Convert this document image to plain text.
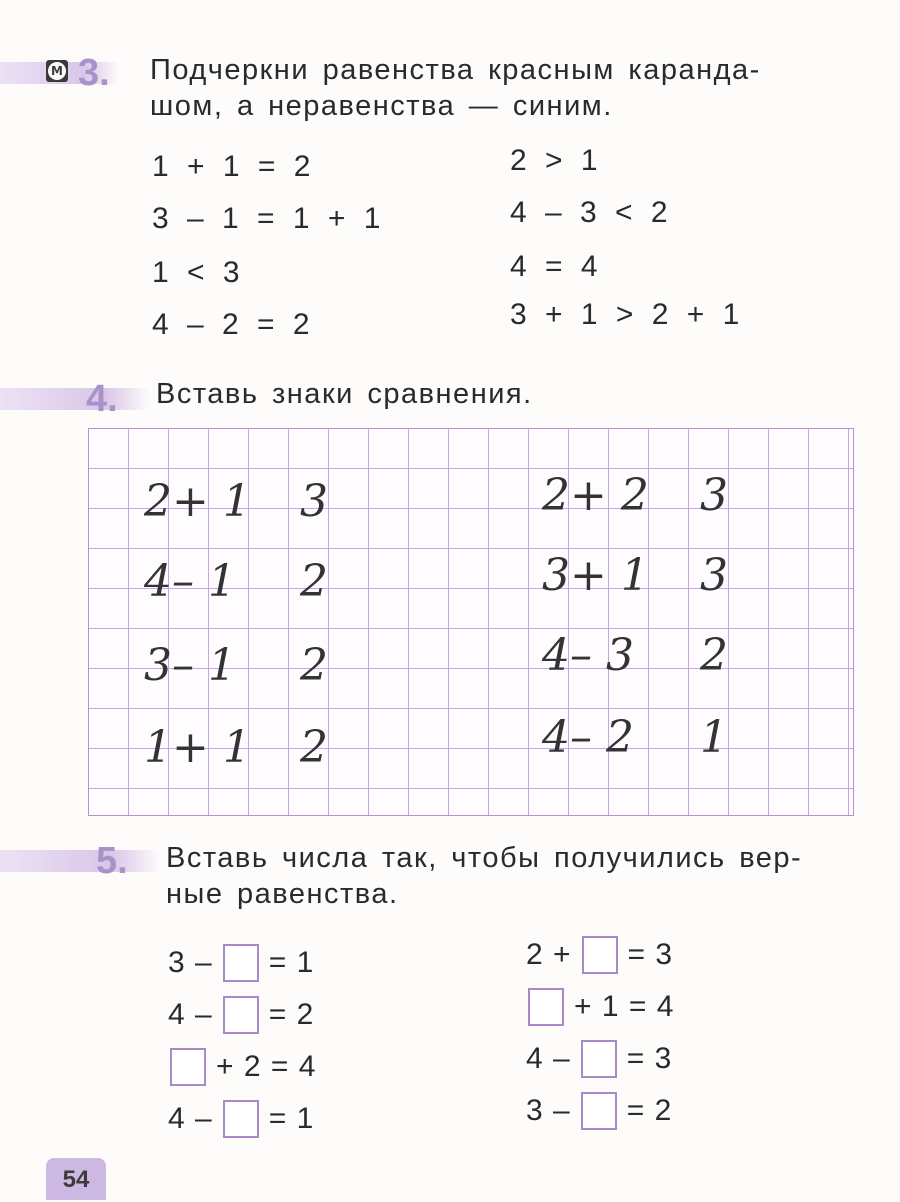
М 3. Подчеркни равенства красным каранда-
шом, а неравенства — синим.
1 + 1 = 2
3 – 1 = 1 + 1
1 < 3
4 – 2 = 2
2 > 1
4 – 3 < 2
4 = 4
3 + 1 > 2 + 1
4. Вставь знаки сравнения.
2+ 1 3
4– 1 2
3– 1 2
1+ 1 2
2+ 2 3
3+ 1 3
4– 3 2
4– 2 1
5. Вставь числа так, чтобы получились вер-
ные равенства.
3 – = 1
4 – = 2
+ 2 = 4
4 – = 1
2 + = 3
+ 1 = 4
4 – = 3
3 – = 2
54
